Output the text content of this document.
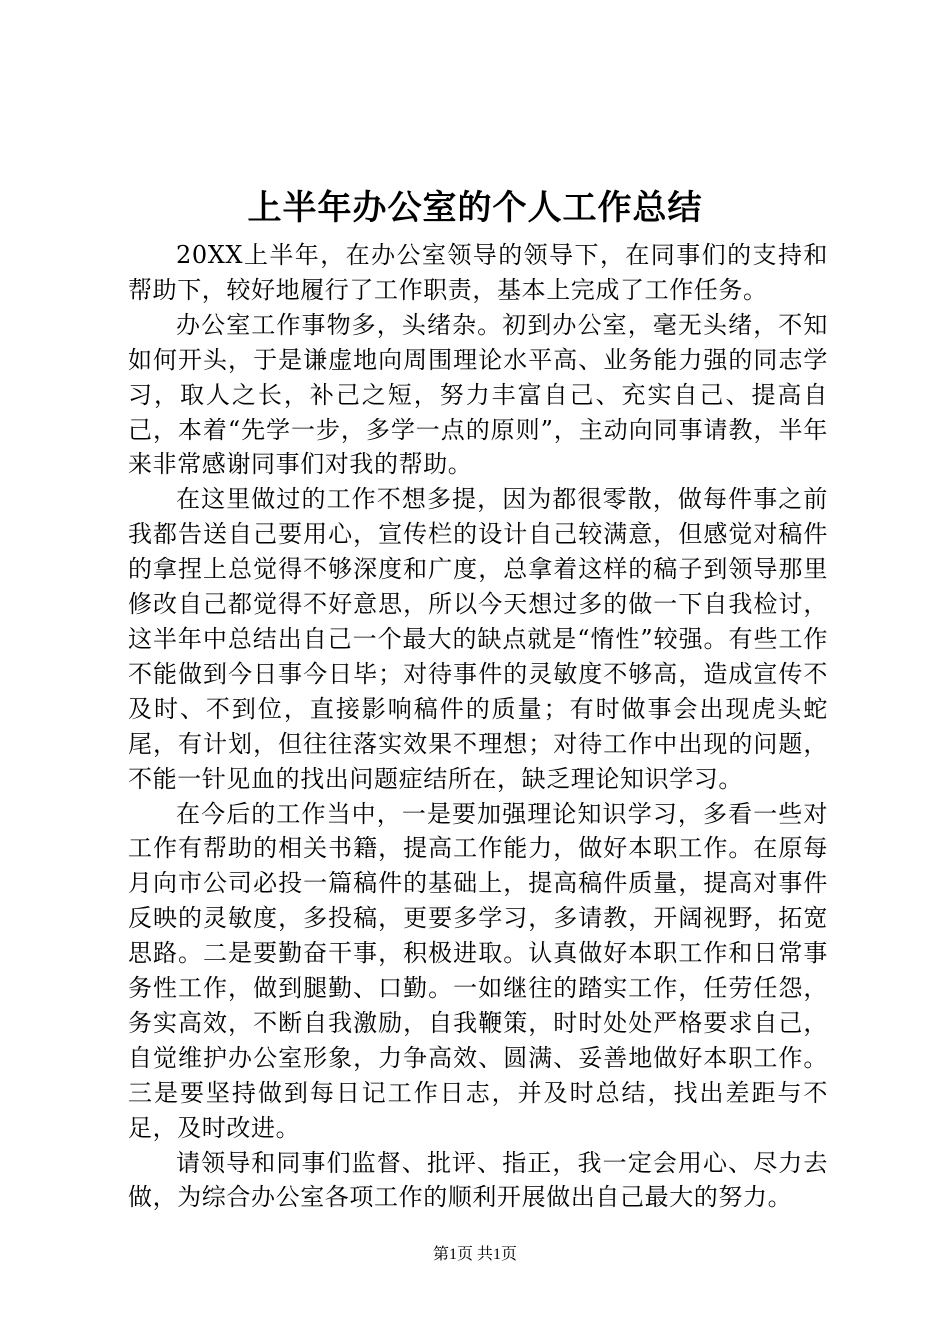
上半年办公室的个人工作总结

20XX上半年，在办公室领导的领导下，在同事们的支持和帮助下，较好地履行了工作职责，基本上完成了工作任务。

办公室工作事物多，头绪杂。初到办公室，毫无头绪，不知如何开头，于是谦虚地向周围理论水平高、业务能力强的同志学习，取人之长，补己之短，努力丰富自己、充实自己、提高自己，本着“先学一步，多学一点的原则”，主动向同事请教，半年来非常感谢同事们对我的帮助。

在这里做过的工作不想多提，因为都很零散，做每件事之前我都告送自己要用心，宣传栏的设计自己较满意，但感觉对稿件的拿捏上总觉得不够深度和广度，总拿着这样的稿子到领导那里修改自己都觉得不好意思，所以今天想过多的做一下自我检讨，这半年中总结出自己一个最大的缺点就是“惰性”较强。有些工作不能做到今日事今日毕；对待事件的灵敏度不够高，造成宣传不及时、不到位，直接影响稿件的质量；有时做事会出现虎头蛇尾，有计划，但往往落实效果不理想；对待工作中出现的问题，不能一针见血的找出问题症结所在，缺乏理论知识学习。

在今后的工作当中，一是要加强理论知识学习，多看一些对工作有帮助的相关书籍，提高工作能力，做好本职工作。在原每月向市公司必投一篇稿件的基础上，提高稿件质量，提高对事件反映的灵敏度，多投稿，更要多学习，多请教，开阔视野，拓宽思路。二是要勤奋干事，积极进取。认真做好本职工作和日常事务性工作，做到腿勤、口勤。一如继往的踏实工作，任劳任怨，务实高效，不断自我激励，自我鞭策，时时处处严格要求自己，自觉维护办公室形象，力争高效、圆满、妥善地做好本职工作。三是要坚持做到每日记工作日志，并及时总结，找出差距与不足，及时改进。

请领导和同事们监督、批评、指正，我一定会用心、尽力去做，为综合办公室各项工作的顺利开展做出自己最大的努力。

第1页 共1页
